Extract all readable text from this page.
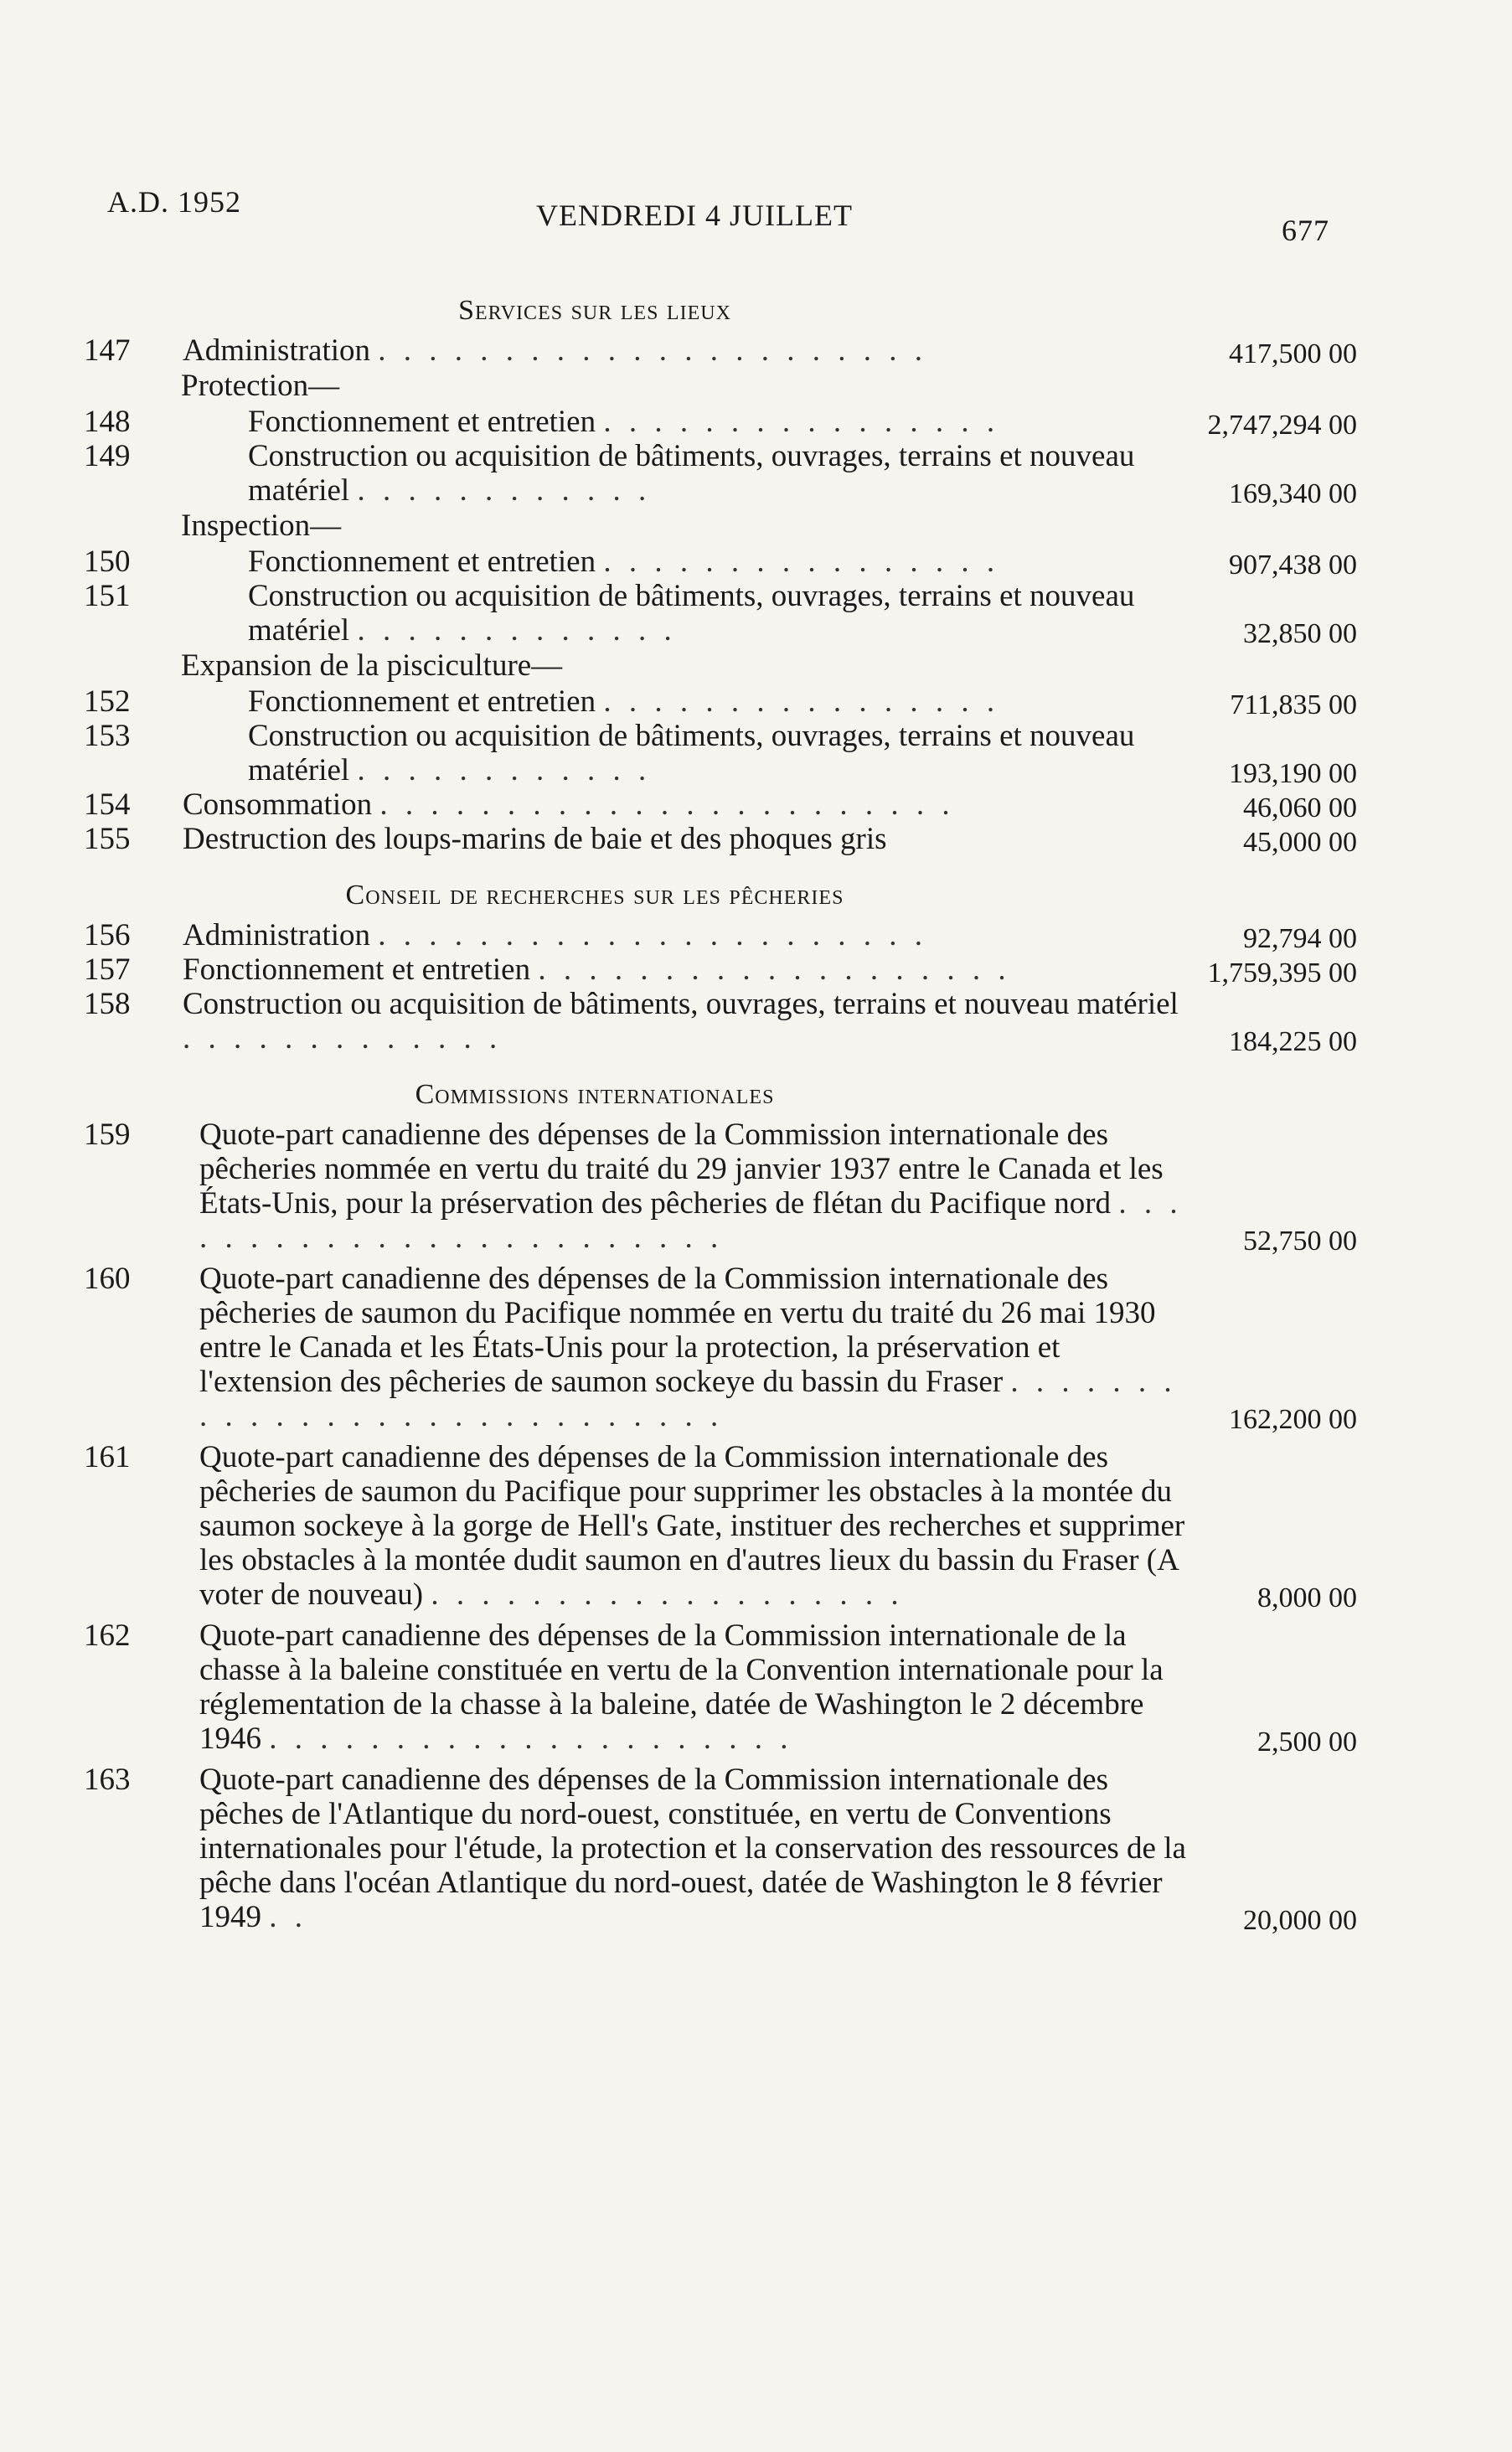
A.D. 1952	VENDREDI 4 JUILLET	677
Services sur les lieux
147	Administration . . . . . . . . . . . . . . . . . . . . . .	417,500 00
Protection—
148	Fonctionnement et entretien . . . . . . . . . . . . . . . .	2,747,294 00
149	Construction ou acquisition de bâtiments, ouvrages, terrains et nouveau matériel . . . . . . . . . . . .	169,340 00
Inspection—
150	Fonctionnement et entretien . . . . . . . . . . . . . . . .	907,438 00
151	Construction ou acquisition de bâtiments, ouvrages, terrains et nouveau matériel . . . . . . . . . . . . .	32,850 00
Expansion de la pisciculture—
152	Fonctionnement et entretien . . . . . . . . . . . . . . . .	711,835 00
153	Construction ou acquisition de bâtiments, ouvrages, terrains et nouveau matériel . . . . . . . . . . . .	193,190 00
154	Consommation . . . . . . . . . . . . . . . . . . . . . . .	46,060 00
155	Destruction des loups-marins de baie et des phoques gris	45,000 00
Conseil de recherches sur les pêcheries
156	Administration . . . . . . . . . . . . . . . . . . . . . .	92,794 00
157	Fonctionnement et entretien . . . . . . . . . . . . . . . . . . .	1,759,395 00
158	Construction ou acquisition de bâtiments, ouvrages, terrains et nouveau matériel . . . . . . . . . . . . .	184,225 00
Commissions internationales
159	Quote-part canadienne des dépenses de la Commission internationale des pêcheries nommée en vertu du traité du 29 janvier 1937 entre le Canada et les États-Unis, pour la préservation des pêcheries de flétan du Pacifique nord . . . . . . . . . . . . . . . . . . . . . . . .	52,750 00
160	Quote-part canadienne des dépenses de la Commission internationale des pêcheries de saumon du Pacifique nommée en vertu du traité du 26 mai 1930 entre le Canada et les États-Unis pour la protection, la préservation et l'extension des pêcheries de saumon sockeye du bassin du Fraser . . . . . . . . . . . . . . . . . . . . . . . . . . . .	162,200 00
161	Quote-part canadienne des dépenses de la Commission internationale des pêcheries de saumon du Pacifique pour supprimer les obstacles à la montée du saumon sockeye à la gorge de Hell's Gate, instituer des recherches et supprimer les obstacles à la montée dudit saumon en d'autres lieux du bassin du Fraser (A voter de nouveau) . . . . . . . . . . . . . . . . . . .	8,000 00
162	Quote-part canadienne des dépenses de la Commission internationale de la chasse à la baleine constituée en vertu de la Convention internationale pour la réglementation de la chasse à la baleine, datée de Washington le 2 décembre 1946 . . . . . . . . . . . . . . . . . . . . .	2,500 00
163	Quote-part canadienne des dépenses de la Commission internationale des pêches de l'Atlantique du nord-ouest, constituée, en vertu de Conventions internationales pour l'étude, la protection et la conservation des ressources de la pêche dans l'océan Atlantique du nord-ouest, datée de Washington le 8 février 1949 . .	20,000 00
